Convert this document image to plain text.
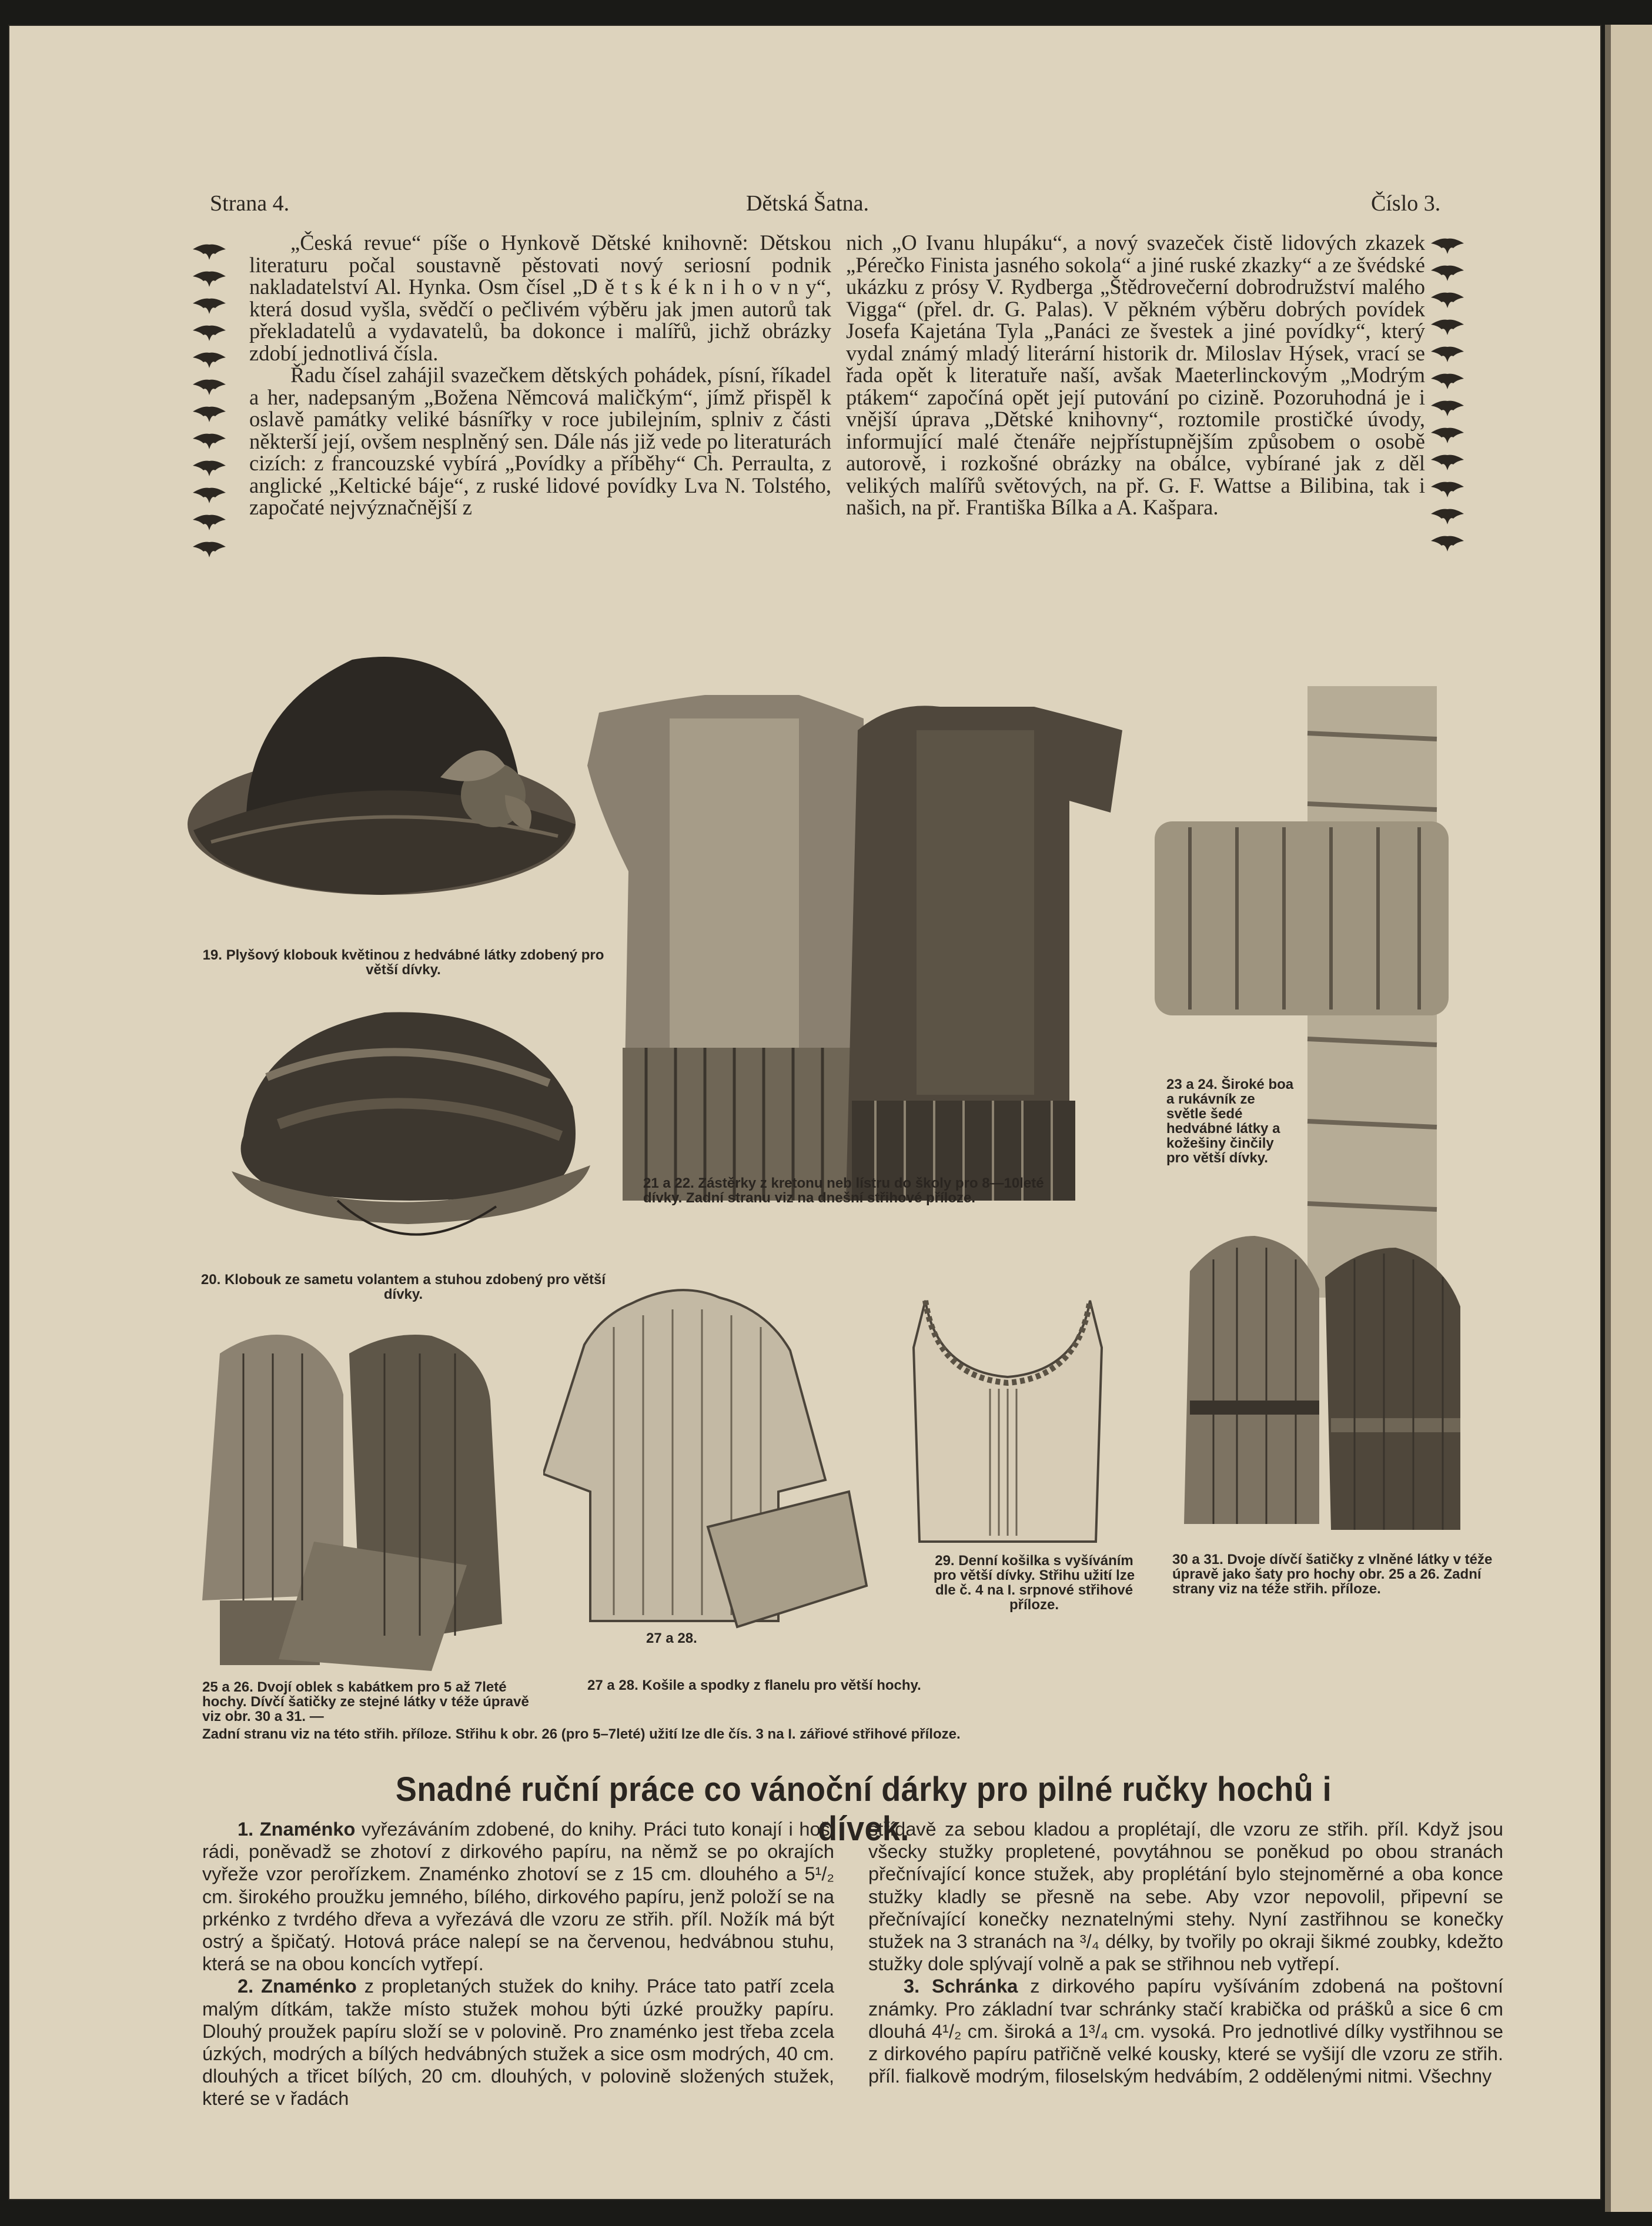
Strana 4.	Dětská Šatna.	Číslo 3.

„Česká revue“ píše o Hynkově Dětské knihovně: Dětskou literaturu počal soustavně pěstovati nový seriosní podnik nakladatelství Al. Hynka. Osm čísel „D ě t s k é k n i h o v n y“, která dosud vyšla, svědčí o pečlivém výběru jak jmen autorů tak překladatelů a vydavatelů, ba dokonce i malířů, jichž obrázky zdobí jednotlivá čísla.

Řadu čísel zahájil svazečkem dětských pohádek, písní, říkadel a her, nadepsaným „Božena Němcová maličkým“, jímž přispěl k oslavě památky veliké básnířky v roce jubilejním, splniv z části některší její, ovšem nesplněný sen. Dále nás již vede po literaturách cizích: z francouzské vybírá „Povídky a příběhy“ Ch. Perraulta, z anglické „Keltické báje“, z ruské lidové povídky Lva N. Tolstého, započaté nejvýznačnější z

nich „O Ivanu hlupáku“, a nový svazeček čistě lidových zkazek „Pérečko Finista jasného sokola“ a jiné ruské zkazky“ a ze švédské ukázku z prósy V. Rydberga „Štědrovečerní dobrodružství malého Vigga“ (přel. dr. G. Palas). V pěkném výběru dobrých povídek Josefa Kajetána Tyla „Panáci ze švestek a jiné povídky“, který vydal známý mladý literární historik dr. Miloslav Hýsek, vrací se řada opět k literatuře naší, avšak Maeterlinckovým „Modrým ptákem“ započíná opět její putování po cizině. Pozoruhodná je i vnější úprava „Dětské knihovny“, roztomile prostičké úvody, informující malé čtenáře nejpřístupnějším způsobem o osobě autorově, i rozkošné obrázky na obálce, vybírané jak z děl velikých malířů světových, na př. G. F. Wattse a Bilibina, tak i našich, na př. Františka Bílka a A. Kašpara.

19. Plyšový klobouk květinou z hedvábné látky zdobený pro větší dívky.
20. Klobouk ze sametu volantem a stuhou zdobený pro větší dívky.
21 a 22. Zástěrky z kretonu neb lístru do školy pro 8—10leté dívky. Zadní stranu viz na dnešní střihové příloze.
23 a 24. Široké boa a rukávník ze světle šedé hedvábné látky a kožešiny činčily pro větší dívky.
25 a 26. Dvojí oblek s kabátkem pro 5 až 7leté hochy. Dívčí šatičky ze stejné látky v téže úpravě viz obr. 30 a 31. —
Zadní stranu viz na této střih. příloze. Střihu k obr. 26 (pro 5–7leté) užití lze dle čís. 3 na I. zářiové střihové příloze.
27 a 28.
27 a 28. Košile a spodky z flanelu pro větší hochy.
29. Denní košilka s vyšíváním pro větší dívky. Střihu užití lze dle č. 4 na I. srpnové střihové příloze.
30 a 31. Dvoje dívčí šatičky z vlněné látky v téže úpravě jako šaty pro hochy obr. 25 a 26. Zadní strany viz na téže střih. příloze.
Snadné ruční práce co vánoční dárky pro pilné ručky hochů i dívek.

1. Znaménko vyřezáváním zdobené, do knihy. Práci tuto konají i hoši rádi, poněvadž se zhotoví z dirkového papíru, na němž se po okrajích vyřeže vzor perořízkem. Znaménko zhotoví se z 15 cm. dlouhého a 5¹/₂ cm. širokého proužku jemného, bílého, dirkového papíru, jenž položí se na prkénko z tvrdého dřeva a vyřezává dle vzoru ze střih. příl. Nožík má být ostrý a špičatý. Hotová práce nalepí se na červenou, hedvábnou stuhu, která se na obou koncích vytřepí.

2. Znaménko z propletaných stužek do knihy. Práce tato patří zcela malým dítkám, takže místo stužek mohou býti úzké proužky papíru. Dlouhý proužek papíru složí se v polovině. Pro znaménko jest třeba zcela úzkých, modrých a bílých hedvábných stužek a sice osm modrých, 40 cm. dlouhých a třicet bílých, 20 cm. dlouhých, v polovině složených stužek, které se v řadách

střídavě za sebou kladou a proplétají, dle vzoru ze střih. příl. Když jsou všecky stužky propletené, povytáhnou se poněkud po obou stranách přečnívající konce stužek, aby proplétání bylo stejnoměrné a oba konce stužky kladly se přesně na sebe. Aby vzor nepovolil, připevní se přečnívající konečky neznatelnými stehy. Nyní zastřihnou se konečky stužek na 3 stranách na ³/₄ délky, by tvořily po okraji šikmé zoubky, kdežto stužky dole splývají volně a pak se střihnou neb vytřepí.

3. Schránka z dirkového papíru vyšíváním zdobená na poštovní známky. Pro základní tvar schránky stačí krabička od prášků a sice 6 cm dlouhá 4¹/₂ cm. široká a 1³/₄ cm. vysoká. Pro jednotlivé dílky vystřihnou se z dirkového papíru patřičně velké kousky, které se vyšijí dle vzoru ze střih. příl. fialkově modrým, filoselským hedvábím, 2 oddělenými nitmi. Všechny
